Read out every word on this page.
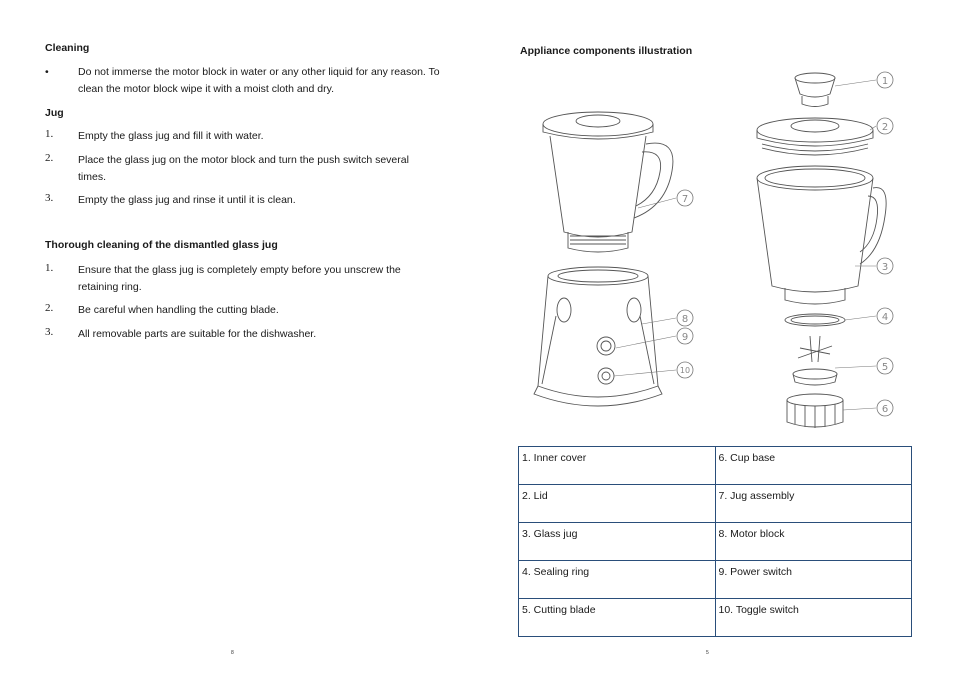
Cleaning
•	Do not immerse the motor block in water or any other liquid for any reason. To clean the motor block wipe it with a moist cloth and dry.
Jug
1. Empty the glass jug and fill it with water.
2. Place the glass jug on the motor block and turn the push switch several times.
3. Empty the glass jug and rinse it until it is clean.
Thorough cleaning of the dismantled glass jug
1. Ensure that the glass jug is completely empty before you unscrew the retaining ring.
2. Be careful when handling the cutting blade.
3. All removable parts are suitable for the dishwasher.
8
Appliance components illustration
1
2
3
4
5
6
7
8
9
10
1. Inner cover	6. Cup base
2. Lid	7. Jug assembly
3. Glass jug	8. Motor block
4. Sealing ring	9. Power switch
5. Cutting blade	10. Toggle switch
5
